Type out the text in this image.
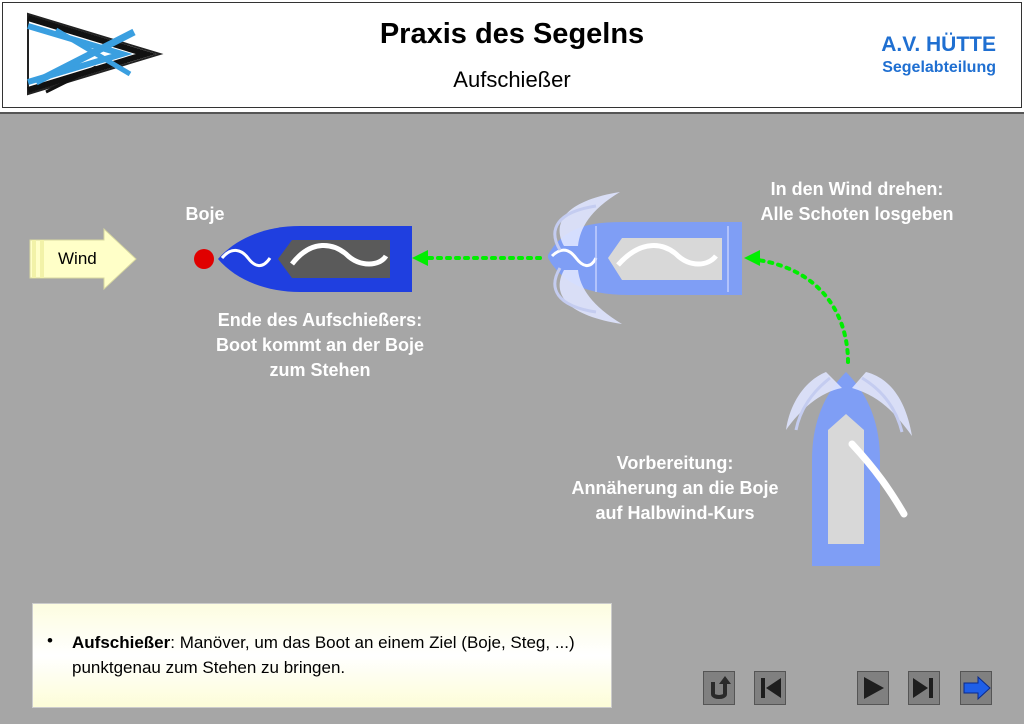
Praxis des Segelns
Aufschießer
A.V. HÜTTE
Segelabteilung
Wind
Boje
Ende des Aufschießers:
Boot kommt an der Boje
zum Stehen
In den Wind drehen:
Alle Schoten losgeben
Vorbereitung:
Annäherung an die Boje
auf Halbwind-Kurs
• Aufschießer: Manöver, um das Boot an einem Ziel (Boje, Steg, ...) punktgenau zum Stehen zu bringen.
